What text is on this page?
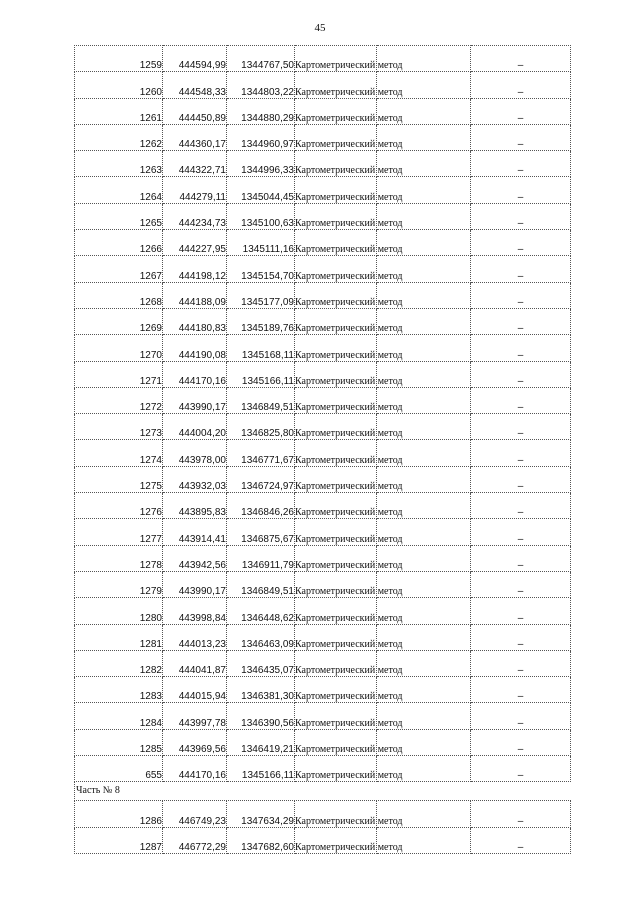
45
1259	444594,99	1344767,50	Картометрический метод		–
1260	444548,33	1344803,22	Картометрический метод		–
1261	444450,89	1344880,29	Картометрический метод		–
1262	444360,17	1344960,97	Картометрический метод		–
1263	444322,71	1344996,33	Картометрический метод		–
1264	444279,11	1345044,45	Картометрический метод		–
1265	444234,73	1345100,63	Картометрический метод		–
1266	444227,95	1345111,16	Картометрический метод		–
1267	444198,12	1345154,70	Картометрический метод		–
1268	444188,09	1345177,09	Картометрический метод		–
1269	444180,83	1345189,76	Картометрический метод		–
1270	444190,08	1345168,11	Картометрический метод		–
1271	444170,16	1345166,11	Картометрический метод		–
1272	443990,17	1346849,51	Картометрический метод		–
1273	444004,20	1346825,80	Картометрический метод		–
1274	443978,00	1346771,67	Картометрический метод		–
1275	443932,03	1346724,97	Картометрический метод		–
1276	443895,83	1346846,26	Картометрический метод		–
1277	443914,41	1346875,67	Картометрический метод		–
1278	443942,56	1346911,79	Картометрический метод		–
1279	443990,17	1346849,51	Картометрический метод		–
1280	443998,84	1346448,62	Картометрический метод		–
1281	444013,23	1346463,09	Картометрический метод		–
1282	444041,87	1346435,07	Картометрический метод		–
1283	444015,94	1346381,30	Картометрический метод		–
1284	443997,78	1346390,56	Картометрический метод		–
1285	443969,56	1346419,21	Картометрический метод		–
655	444170,16	1345166,11	Картометрический метод		–
Часть № 8					
1286	446749,23	1347634,29	Картометрический метод		–
1287	446772,29	1347682,60	Картометрический метод		–
